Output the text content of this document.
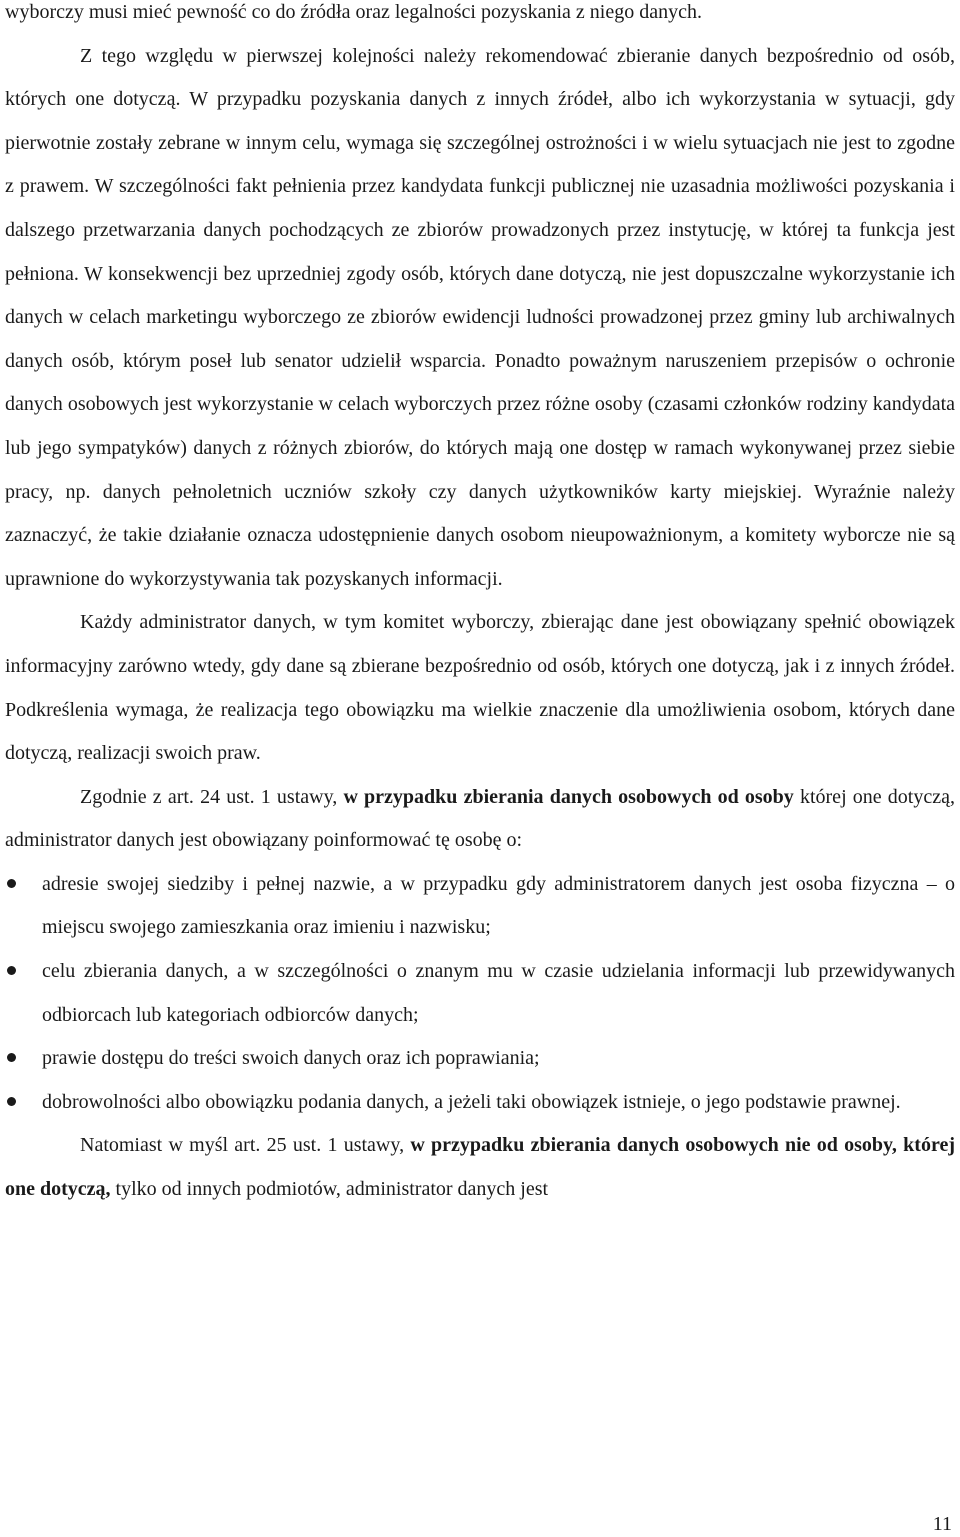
wyborczy musi mieć pewność co do źródła oraz legalności pozyskania z niego danych.

Z tego względu w pierwszej kolejności należy rekomendować zbieranie danych bezpośrednio od osób, których one dotyczą. W przypadku pozyskania danych z innych źródeł, albo ich wykorzystania w sytuacji, gdy pierwotnie zostały zebrane w innym celu, wymaga się szczególnej ostrożności i w wielu sytuacjach nie jest to zgodne z prawem. W szczególności fakt pełnienia przez kandydata funkcji publicznej nie uzasadnia możliwości pozyskania i dalszego przetwarzania danych pochodzących ze zbiorów prowadzonych przez instytucję, w której ta funkcja jest pełniona. W konsekwencji bez uprzedniej zgody osób, których dane dotyczą, nie jest dopuszczalne wykorzystanie ich danych w celach marketingu wyborczego ze zbiorów ewidencji ludności prowadzonej przez gminy lub archiwalnych danych osób, którym poseł lub senator udzielił wsparcia. Ponadto poważnym naruszeniem przepisów o ochronie danych osobowych jest wykorzystanie w celach wyborczych przez różne osoby (czasami członków rodziny kandydata lub jego sympatyków) danych z różnych zbiorów, do których mają one dostęp w ramach wykonywanej przez siebie pracy, np. danych pełnoletnich uczniów szkoły czy danych użytkowników karty miejskiej. Wyraźnie należy zaznaczyć, że takie działanie oznacza udostępnienie danych osobom nieupoważnionym, a komitety wyborcze nie są uprawnione do wykorzystywania tak pozyskanych informacji.

Każdy administrator danych, w tym komitet wyborczy, zbierając dane jest obowiązany spełnić obowiązek informacyjny zarówno wtedy, gdy dane są zbierane bezpośrednio od osób, których one dotyczą, jak i z innych źródeł. Podkreślenia wymaga, że realizacja tego obowiązku ma wielkie znaczenie dla umożliwienia osobom, których dane dotyczą, realizacji swoich praw.

Zgodnie z art. 24 ust. 1 ustawy, w przypadku zbierania danych osobowych od osoby której one dotyczą, administrator danych jest obowiązany poinformować tę osobę o:

adresie swojej siedziby i pełnej nazwie, a w przypadku gdy administratorem danych jest osoba fizyczna – o miejscu swojego zamieszkania oraz imieniu i nazwisku;
celu zbierania danych, a w szczególności o znanym mu w czasie udzielania informacji lub przewidywanych odbiorcach lub kategoriach odbiorców danych;
prawie dostępu do treści swoich danych oraz ich poprawiania;
dobrowolności albo obowiązku podania danych, a jeżeli taki obowiązek istnieje, o jego podstawie prawnej.

Natomiast w myśl art. 25 ust. 1 ustawy, w przypadku zbierania danych osobowych nie od osoby, której one dotyczą, tylko od innych podmiotów, administrator danych jest

11
